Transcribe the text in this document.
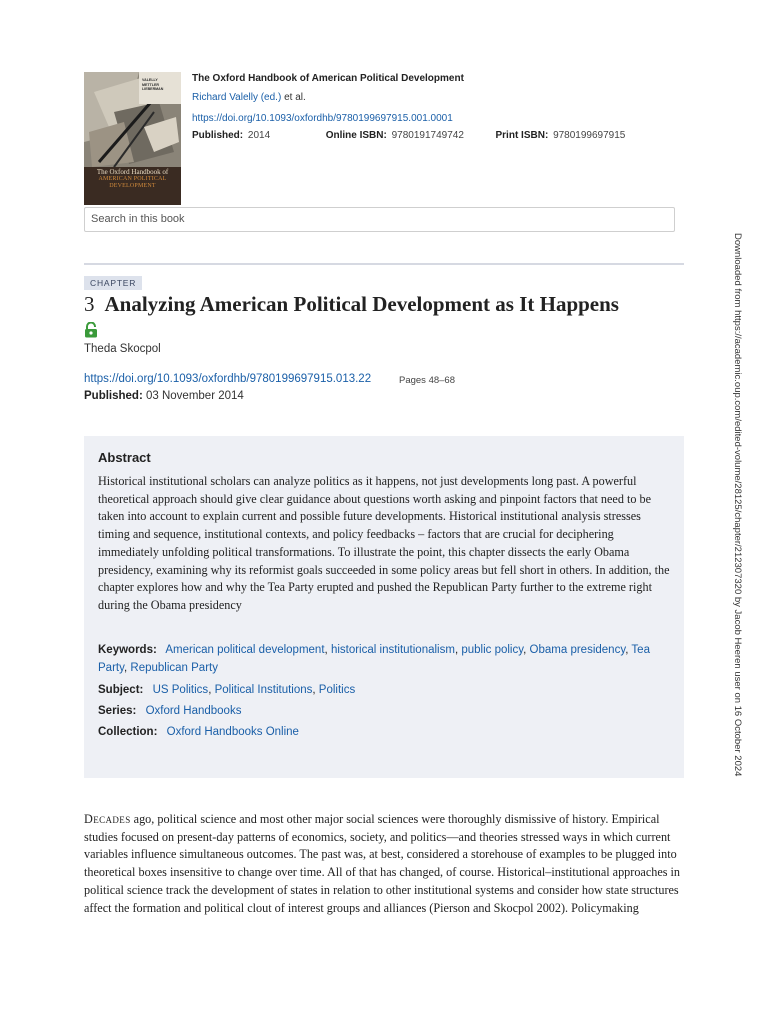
VALELLY
METTLER
LIEBERMAN
The Oxford Handbook of
AMERICAN POLITICAL
DEVELOPMENT
The Oxford Handbook of American Political Development
Richard Valelly (ed.) et al.
https://doi.org/10.1093/oxfordhb/9780199697915.001.0001
Published: 2014	Online ISBN: 9780191749742	Print ISBN: 9780199697915
Search in this book
CHAPTER
3 Analyzing American Political Development as It Happens
Theda Skocpol
https://doi.org/10.1093/oxfordhb/9780199697915.013.22	Pages 48–68
Published: 03 November 2014
Abstract
Historical institutional scholars can analyze politics as it happens, not just developments long past. A powerful theoretical approach should give clear guidance about questions worth asking and pinpoint factors that need to be taken into account to explain current and possible future developments. Historical institutional analysis stresses timing and sequence, institutional contexts, and policy feedbacks – factors that are crucial for deciphering immediately unfolding political transformations. To illustrate the point, this chapter dissects the early Obama presidency, examining why its reformist goals succeeded in some policy areas but fell short in others. In addition, the chapter explores how and why the Tea Party erupted and pushed the Republican Party further to the extreme right during the Obama presidency
Keywords: American political development, historical institutionalism, public policy, Obama presidency, Tea Party, Republican Party
Subject: US Politics, Political Institutions, Politics
Series: Oxford Handbooks
Collection: Oxford Handbooks Online
Decades ago, political science and most other major social sciences were thoroughly dismissive of history. Empirical studies focused on present-day patterns of economics, society, and politics—and theories stressed ways in which current variables influence simultaneous outcomes. The past was, at best, considered a storehouse of examples to be plugged into theoretical boxes insensitive to change over time. All of that has changed, of course. Historical–institutional approaches in political science track the development of states in relation to other institutional systems and consider how state structures affect the formation and political clout of interest groups and alliances (Pierson and Skocpol 2002). Policymaking
Downloaded from https://academic.oup.com/edited-volume/28125/chapter/212307320 by Jacob Heeren user on 16 October 2024
